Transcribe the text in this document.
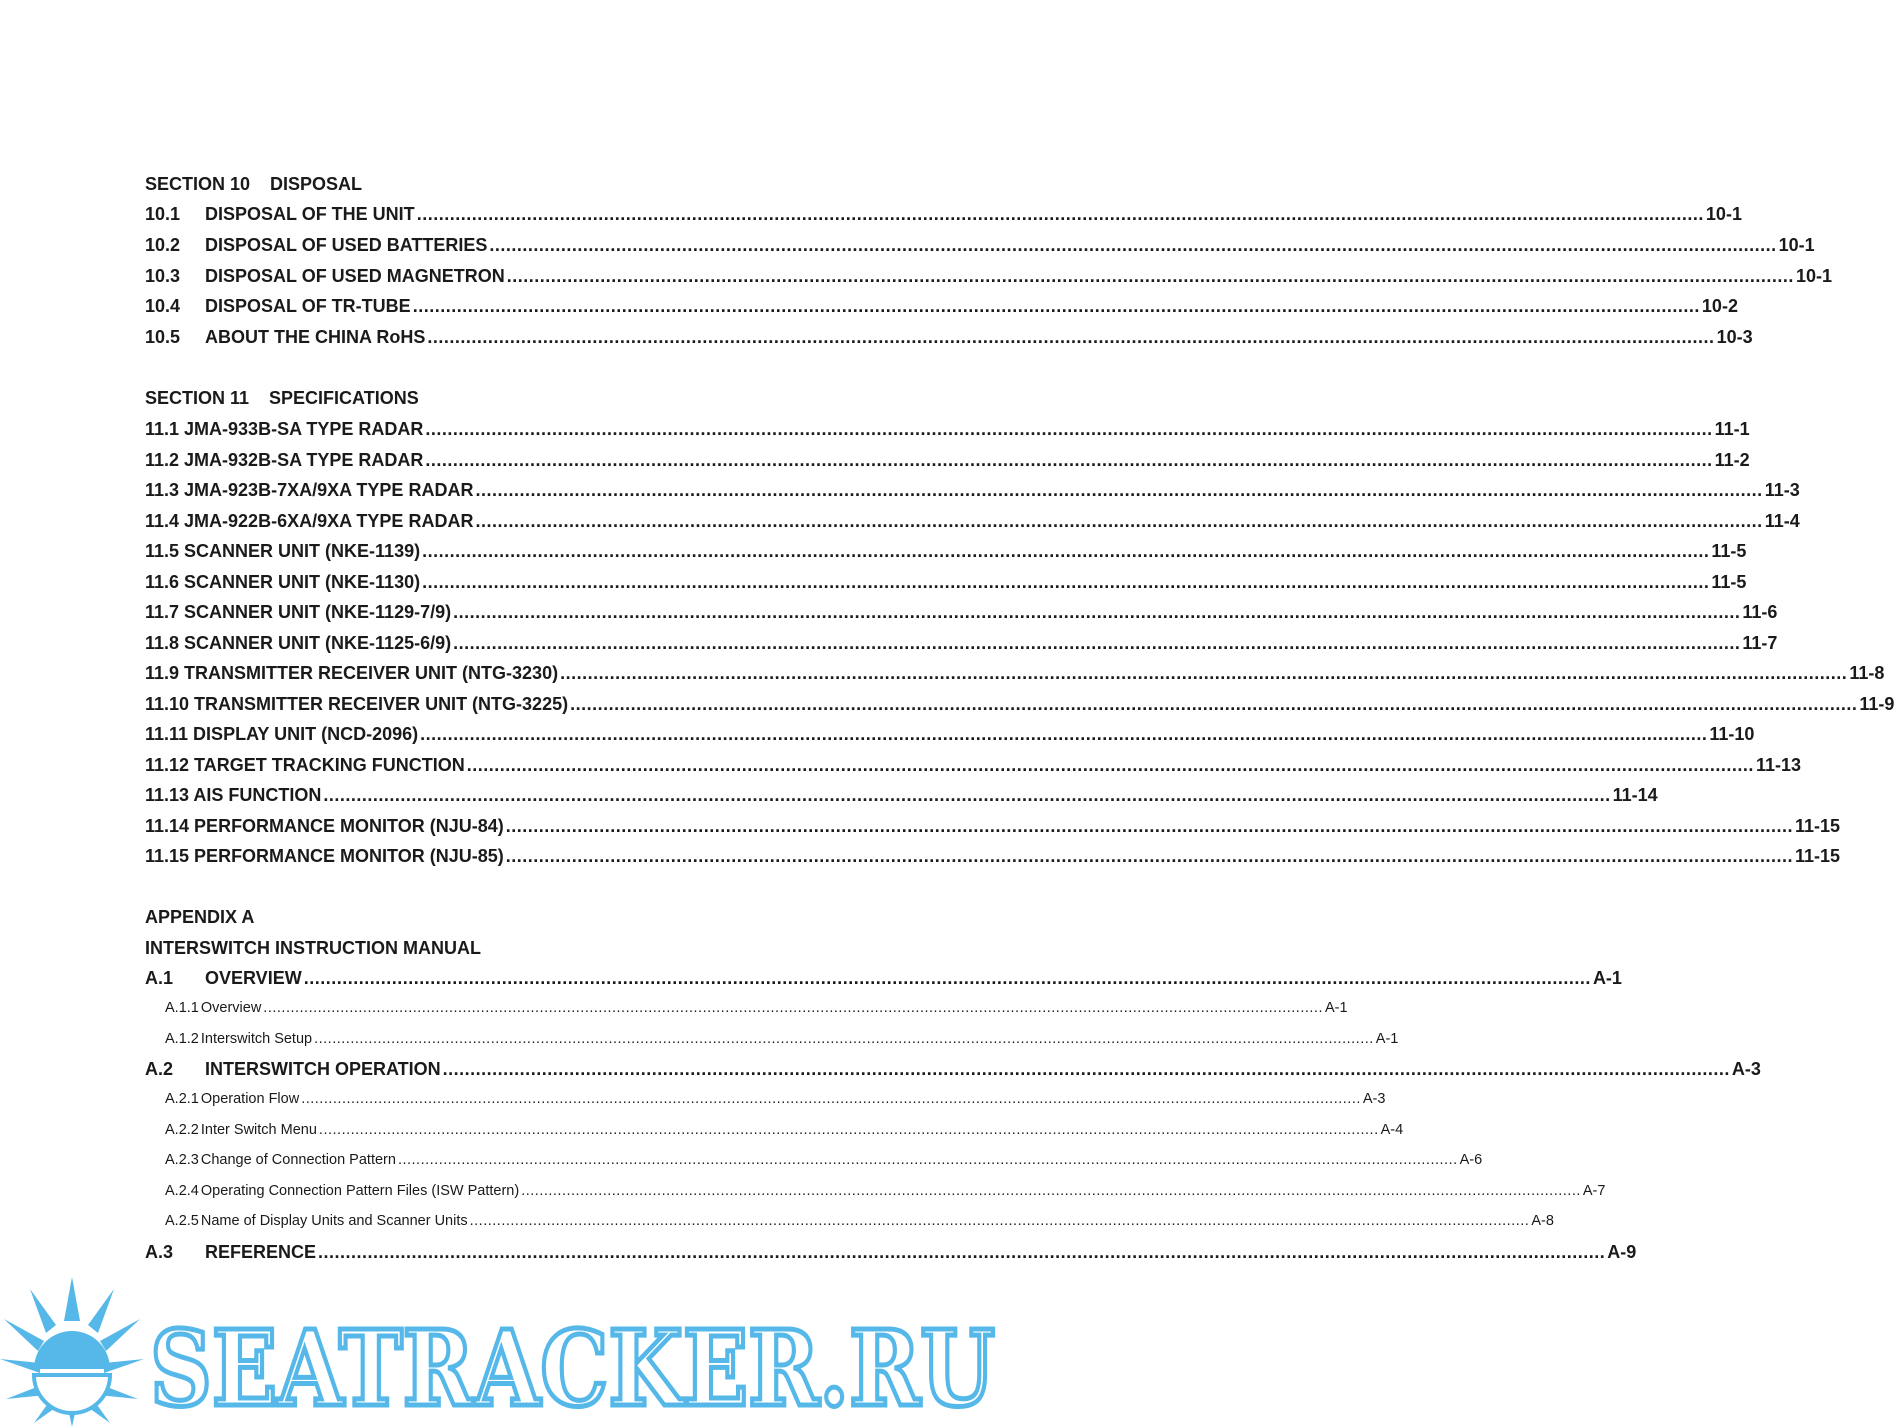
SECTION 10    DISPOSAL
10.1	DISPOSAL OF THE UNIT .....	10-1
10.2	DISPOSAL OF USED BATTERIES .....	10-1
10.3	DISPOSAL OF USED MAGNETRON .....	10-1
10.4	DISPOSAL OF TR-TUBE .....	10-2
10.5	ABOUT THE CHINA RoHS .....	10-3
SECTION 11    SPECIFICATIONS
11.1 JMA-933B-SA TYPE RADAR .....	11-1
11.2 JMA-932B-SA TYPE RADAR .....	11-2
11.3 JMA-923B-7XA/9XA TYPE RADAR .....	11-3
11.4 JMA-922B-6XA/9XA TYPE RADAR .....	11-4
11.5 SCANNER UNIT (NKE-1139) .....	11-5
11.6 SCANNER UNIT (NKE-1130) .....	11-5
11.7 SCANNER UNIT (NKE-1129-7/9) .....	11-6
11.8 SCANNER UNIT (NKE-1125-6/9) .....	11-7
11.9 TRANSMITTER RECEIVER UNIT (NTG-3230) .....	11-8
11.10 TRANSMITTER RECEIVER UNIT (NTG-3225) .....	11-9
11.11 DISPLAY UNIT (NCD-2096) .....	11-10
11.12 TARGET TRACKING FUNCTION .....	11-13
11.13 AIS FUNCTION .....	11-14
11.14 PERFORMANCE MONITOR (NJU-84) .....	11-15
11.15 PERFORMANCE MONITOR (NJU-85) .....	11-15
APPENDIX A
INTERSWITCH INSTRUCTION MANUAL
A.1	OVERVIEW .....	A-1
A.1.1 Overview .....	A-1
A.1.2 Interswitch Setup .....	A-1
A.2	INTERSWITCH OPERATION .....	A-3
A.2.1 Operation Flow .....	A-3
A.2.2 Inter Switch Menu .....	A-4
A.2.3 Change of Connection Pattern .....	A-6
A.2.4 Operating Connection Pattern Files (ISW Pattern) .....	A-7
A.2.5 Name of Display Units and Scanner Units .....	A-8
A.3	REFERENCE .....	A-9
SEATRACKER.RU
